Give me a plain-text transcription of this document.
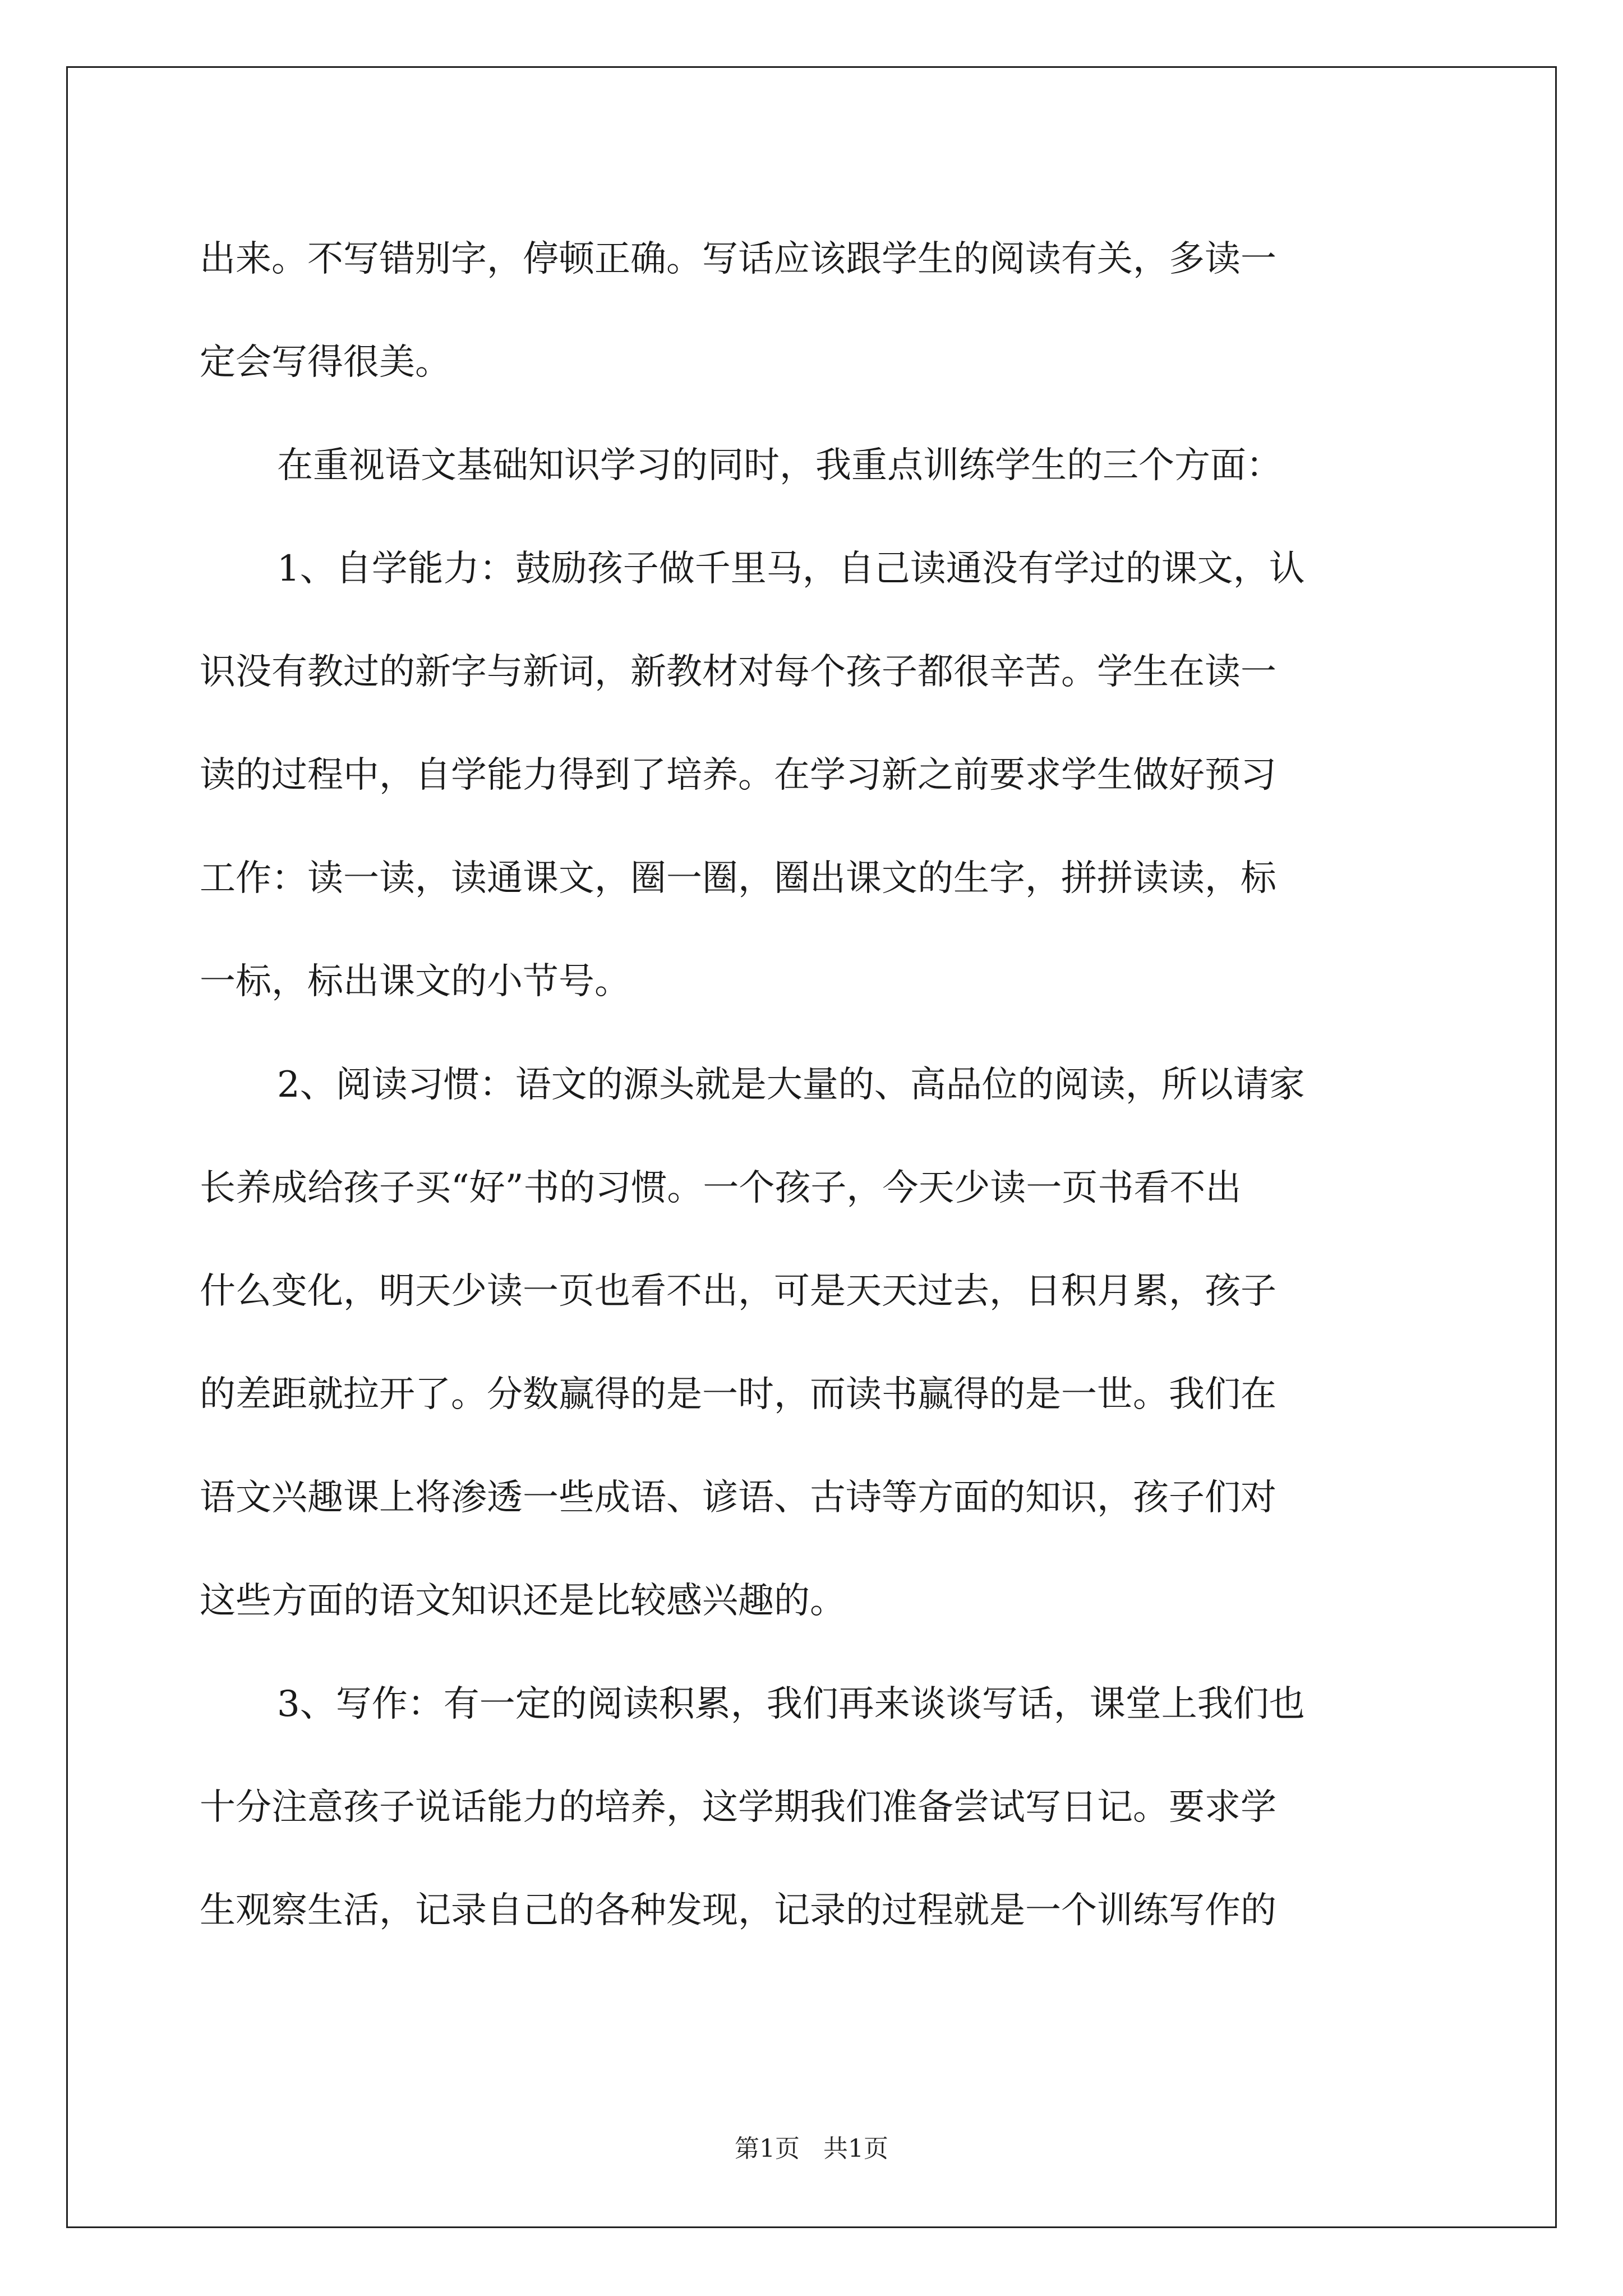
出来。不写错别字，停顿正确。写话应该跟学生的阅读有关，多读一
定会写得很美。
在重视语文基础知识学习的同时，我重点训练学生的三个方面：
1、自学能力：鼓励孩子做千里马，自己读通没有学过的课文，认
识没有教过的新字与新词，新教材对每个孩子都很辛苦。学生在读一
读的过程中，自学能力得到了培养。在学习新之前要求学生做好预习
工作：读一读，读通课文，圈一圈，圈出课文的生字，拼拼读读，标
一标，标出课文的小节号。
2、阅读习惯：语文的源头就是大量的、高品位的阅读，所以请家
长养成给孩子买“好”书的习惯。一个孩子，今天少读一页书看不出
什么变化，明天少读一页也看不出，可是天天过去，日积月累，孩子
的差距就拉开了。分数赢得的是一时，而读书赢得的是一世。我们在
语文兴趣课上将渗透一些成语、谚语、古诗等方面的知识，孩子们对
这些方面的语文知识还是比较感兴趣的。
3、写作：有一定的阅读积累，我们再来谈谈写话，课堂上我们也
十分注意孩子说话能力的培养，这学期我们准备尝试写日记。要求学
生观察生活，记录自己的各种发现，记录的过程就是一个训练写作的
第1页 共1页
